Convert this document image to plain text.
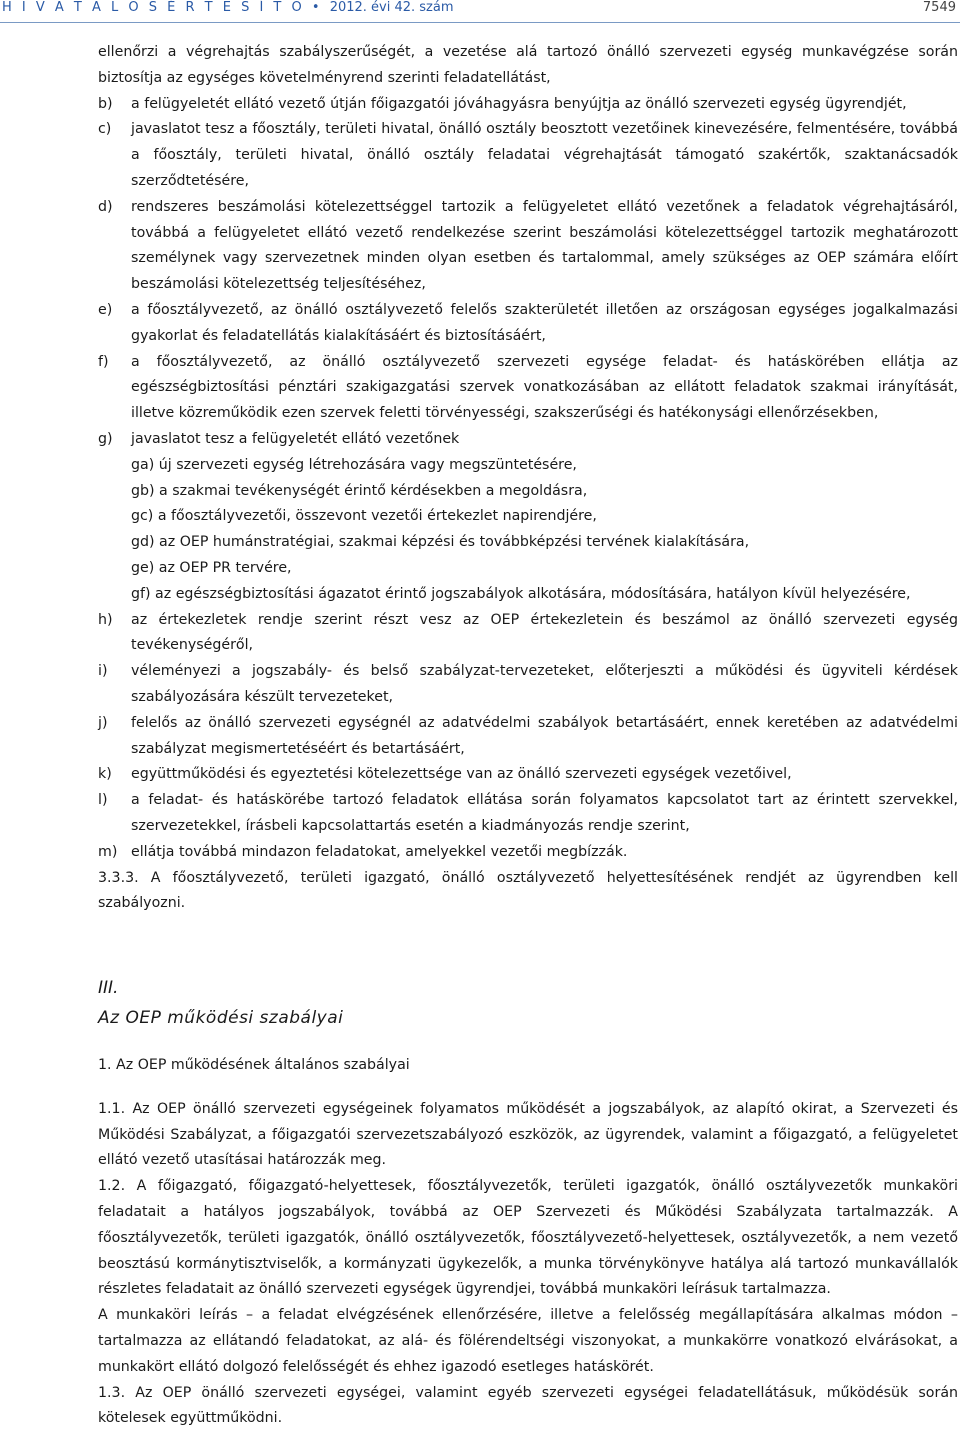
H I V A T A L O S É R T E S Í T Õ • 2012. évi 42. szám	7549

ellenőrzi a végrehajtás szabályszerűségét, a vezetése alá tartozó önálló szervezeti egység munkavégzése során biztosítja az egységes követelményrend szerinti feladatellátást,

b) a felügyeletét ellátó vezető útján főigazgatói jóváhagyásra benyújtja az önálló szervezeti egység ügyrendjét,
c) javaslatot tesz a főosztály, területi hivatal, önálló osztály beosztott vezetőinek kinevezésére, felmentésére, továbbá a főosztály, területi hivatal, önálló osztály feladatai végrehajtását támogató szakértők, szaktanácsadók szerződtetésére,
d) rendszeres beszámolási kötelezettséggel tartozik a felügyeletet ellátó vezetőnek a feladatok végrehajtásáról, továbbá a felügyeletet ellátó vezető rendelkezése szerint beszámolási kötelezettséggel tartozik meghatározott személynek vagy szervezetnek minden olyan esetben és tartalommal, amely szükséges az OEP számára előírt beszámolási kötelezettség teljesítéséhez,
e) a főosztályvezető, az önálló osztályvezető felelős szakterületét illetően az országosan egységes jogalkalmazási gyakorlat és feladatellátás kialakításáért és biztosításáért,
f) a főosztályvezető, az önálló osztályvezető szervezeti egysége feladat- és hatáskörében ellátja az egészségbiztosítási pénztári szakigazgatási szervek vonatkozásában az ellátott feladatok szakmai irányítását, illetve közreműködik ezen szervek feletti törvényességi, szakszerűségi és hatékonysági ellenőrzésekben,
g) javaslatot tesz a felügyeletét ellátó vezetőnek

ga) új szervezeti egység létrehozására vagy megszüntetésére,

gb) a szakmai tevékenységét érintő kérdésekben a megoldásra,

gc) a főosztályvezetői, összevont vezetői értekezlet napirendjére,

gd) az OEP humánstratégiai, szakmai képzési és továbbképzési tervének kialakítására,

ge) az OEP PR tervére,

gf) az egészségbiztosítási ágazatot érintő jogszabályok alkotására, módosítására, hatályon kívül helyezésére,

h) az értekezletek rendje szerint részt vesz az OEP értekezletein és beszámol az önálló szervezeti egység tevékenységéről,
i) véleményezi a jogszabály- és belső szabályzat-tervezeteket, előterjeszti a működési és ügyviteli kérdések szabályozására készült tervezeteket,
j) felelős az önálló szervezeti egységnél az adatvédelmi szabályok betartásáért, ennek keretében az adatvédelmi szabályzat megismertetéséért és betartásáért,
k) együttműködési és egyeztetési kötelezettsége van az önálló szervezeti egységek vezetőivel,
l) a feladat- és hatáskörébe tartozó feladatok ellátása során folyamatos kapcsolatot tart az érintett szervekkel, szervezetekkel, írásbeli kapcsolattartás esetén a kiadmányozás rendje szerint,
m) ellátja továbbá mindazon feladatokat, amelyekkel vezetői megbízzák.

3.3.3. A főosztályvezető, területi igazgató, önálló osztályvezető helyettesítésének rendjét az ügyrendben kell szabályozni.

III.

Az OEP működési szabályai

1. Az OEP működésének általános szabályai

1.1. Az OEP önálló szervezeti egységeinek folyamatos működését a jogszabályok, az alapító okirat, a Szervezeti és Működési Szabályzat, a főigazgatói szervezetszabályozó eszközök, az ügyrendek, valamint a főigazgató, a felügyeletet ellátó vezető utasításai határozzák meg.

1.2. A főigazgató, főigazgató-helyettesek, főosztályvezetők, területi igazgatók, önálló osztályvezetők munkaköri feladatait a hatályos jogszabályok, továbbá az OEP Szervezeti és Működési Szabályzata tartalmazzák. A főosztályvezetők, területi igazgatók, önálló osztályvezetők, főosztályvezető-helyettesek, osztályvezetők, a nem vezető beosztású kormánytisztviselők, a kormányzati ügykezelők, a munka törvénykönyve hatálya alá tartozó munkavállalók részletes feladatait az önálló szervezeti egységek ügyrendjei, továbbá munkaköri leírásuk tartalmazza.

A munkaköri leírás – a feladat elvégzésének ellenőrzésére, illetve a felelősség megállapítására alkalmas módon – tartalmazza az ellátandó feladatokat, az alá- és fölérendeltségi viszonyokat, a munkakörre vonatkozó elvárásokat, a munkakört ellátó dolgozó felelősségét és ehhez igazodó esetleges hatáskörét.

1.3. Az OEP önálló szervezeti egységei, valamint egyéb szervezeti egységei feladatellátásuk, működésük során kötelesek együttműködni.
